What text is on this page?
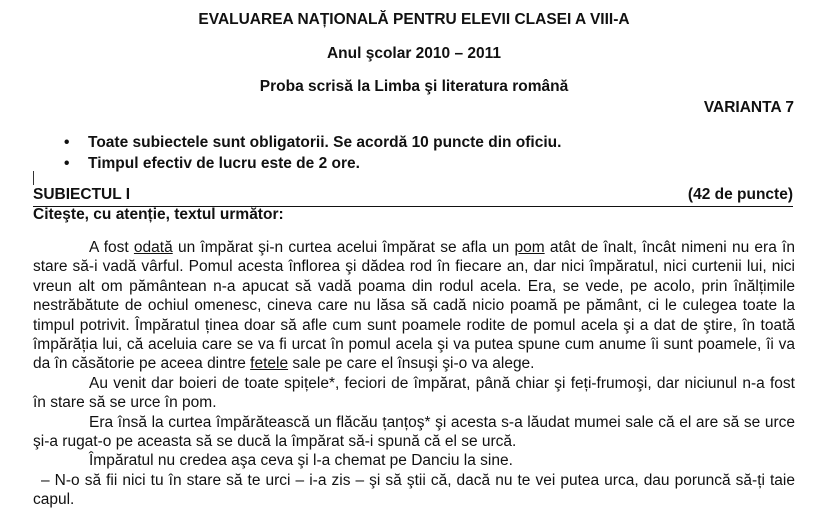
EVALUAREA NAȚIONALĂ PENTRU ELEVII CLASEI A VIII-A
Anul şcolar 2010 – 2011
Proba scrisă la Limba şi literatura română
VARIANTA 7
• Toate subiectele sunt obligatorii. Se acordă 10 puncte din oficiu.
• Timpul efectiv de lucru este de 2 ore.
SUBIECTUL I	(42 de puncte)
Citeşte, cu atenție, textul următor:

A fost odată un împărat şi-n curtea acelui împărat se afla un pom atât de înalt, încât nimeni nu era în stare să-i vadă vârful. Pomul acesta înflorea şi dădea rod în fiecare an, dar nici împăratul, nici curtenii lui, nici vreun alt om pământean n-a apucat să vadă poama din rodul acela. Era, se vede, pe acolo, prin înălțimile nestrăbătute de ochiul omenesc, cineva care nu lăsa să cadă nicio poamă pe pământ, ci le culegea toate la timpul potrivit. Împăratul ținea doar să afle cum sunt poamele rodite de pomul acela şi a dat de ştire, în toată împărăția lui, că aceluia care se va fi urcat în pomul acela şi va putea spune cum anume îi sunt poamele, îi va da în căsătorie pe aceea dintre fetele sale pe care el însuşi şi-o va alege.

Au venit dar boieri de toate spițele*, feciori de împărat, până chiar şi feți-frumoşi, dar niciunul n-a fost în stare să se urce în pom.

Era însă la curtea împărătească un flăcău țanțoş* şi acesta s-a lăudat mumei sale că el are să se urce şi-a rugat-o pe aceasta să se ducă la împărat să-i spună că el se urcă.

Împăratul nu credea aşa ceva şi l-a chemat pe Danciu la sine.

– N-o să fii nici tu în stare să te urci – i-a zis – şi să ştii că, dacă nu te vei putea urca, dau poruncă să-ți taie capul.
